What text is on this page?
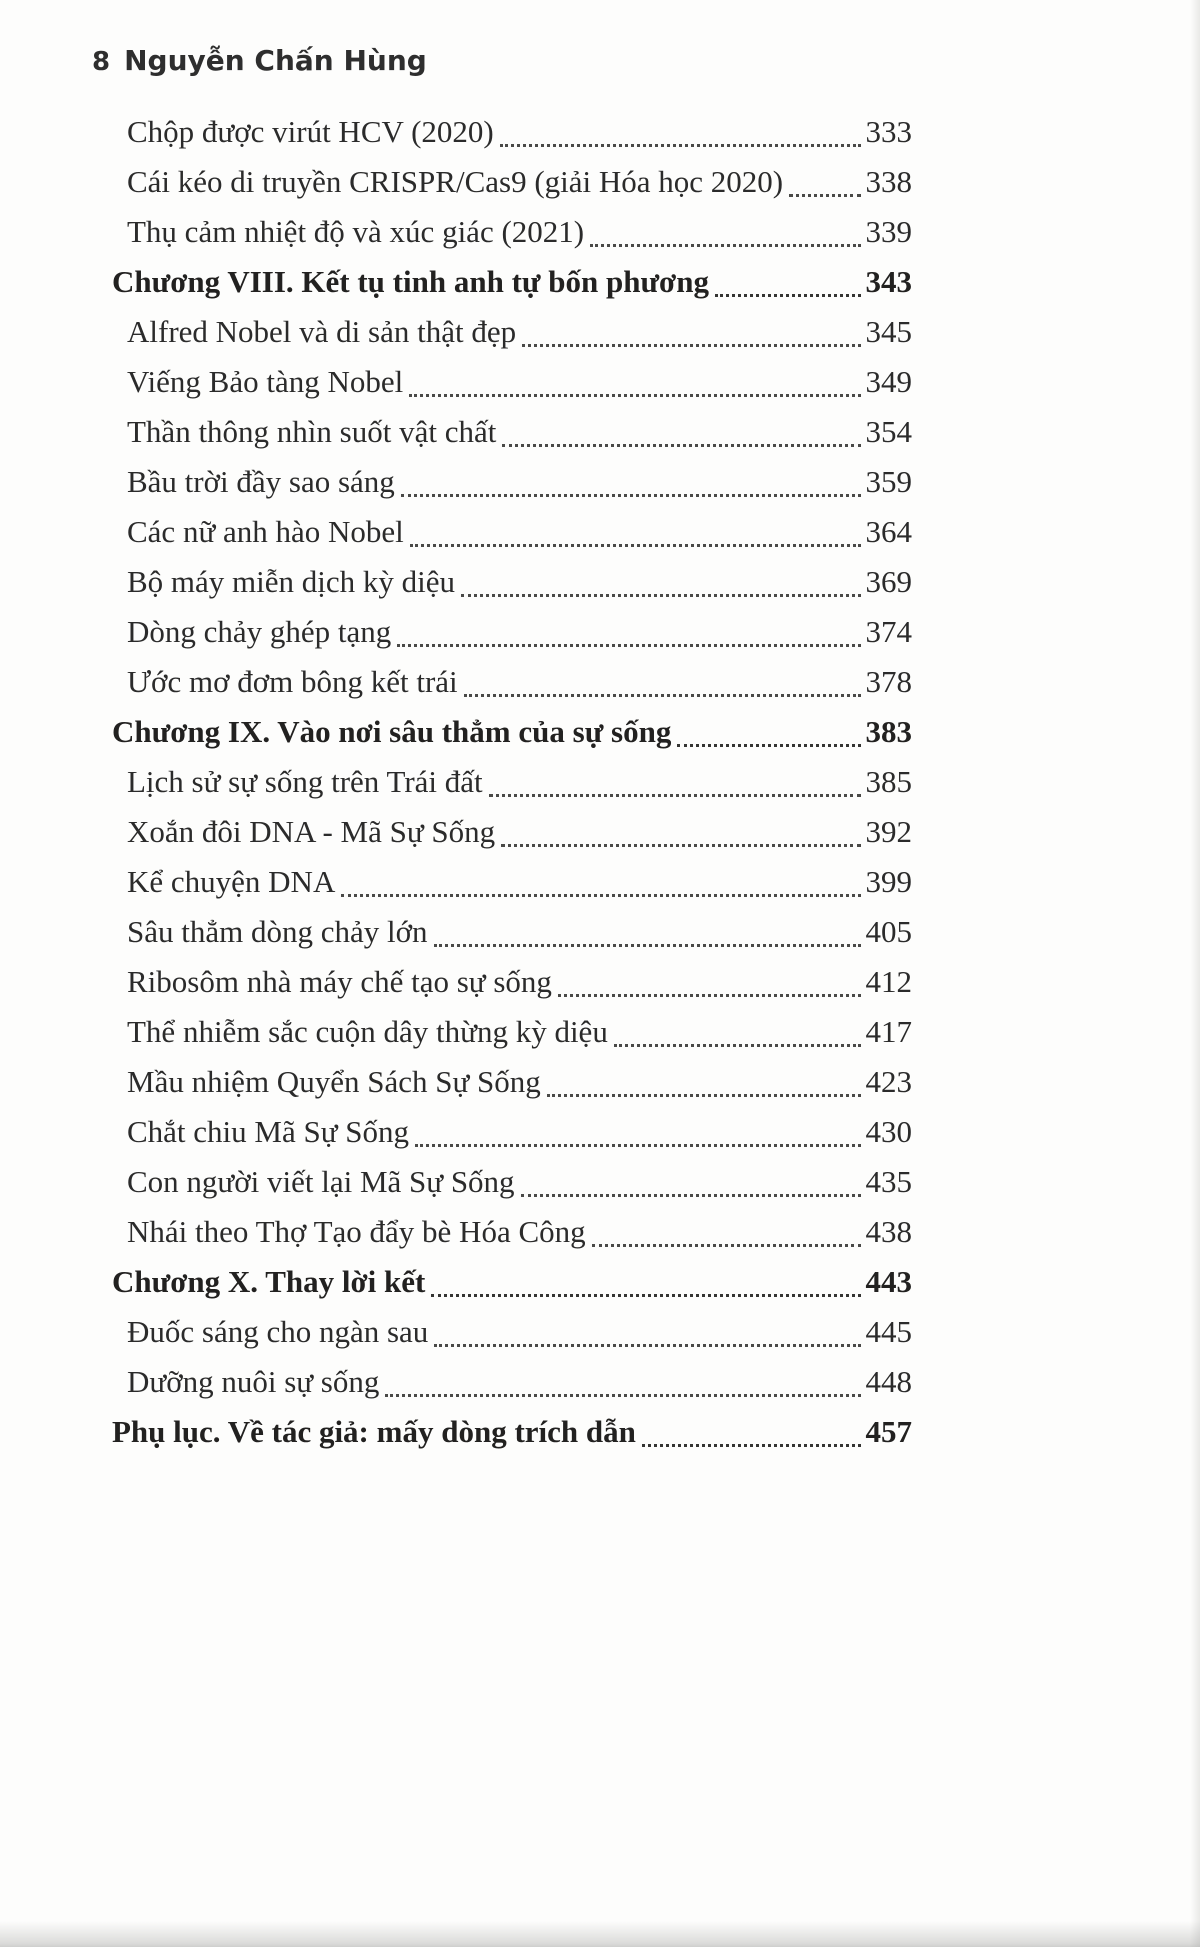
8 Nguyễn Chấn Hùng
Chộp được virút HCV (2020)	333
Cái kéo di truyền CRISPR/Cas9 (giải Hóa học 2020)	338
Thụ cảm nhiệt độ và xúc giác (2021)	339
Chương VIII. Kết tụ tinh anh tự bốn phương	343
Alfred Nobel và di sản thật đẹp	345
Viếng Bảo tàng Nobel	349
Thần thông nhìn suốt vật chất	354
Bầu trời đầy sao sáng	359
Các nữ anh hào Nobel	364
Bộ máy miễn dịch kỳ diệu	369
Dòng chảy ghép tạng	374
Ước mơ đơm bông kết trái	378
Chương IX. Vào nơi sâu thẳm của sự sống	383
Lịch sử sự sống trên Trái đất	385
Xoắn đôi DNA - Mã Sự Sống	392
Kể chuyện DNA	399
Sâu thẳm dòng chảy lớn	405
Ribosôm nhà máy chế tạo sự sống	412
Thể nhiễm sắc cuộn dây thừng kỳ diệu	417
Mầu nhiệm Quyển Sách Sự Sống	423
Chắt chiu Mã Sự Sống	430
Con người viết lại Mã Sự Sống	435
Nhái theo Thợ Tạo đẩy bè Hóa Công	438
Chương X. Thay lời kết	443
Đuốc sáng cho ngàn sau	445
Dưỡng nuôi sự sống	448
Phụ lục. Về tác giả: mấy dòng trích dẫn	457
